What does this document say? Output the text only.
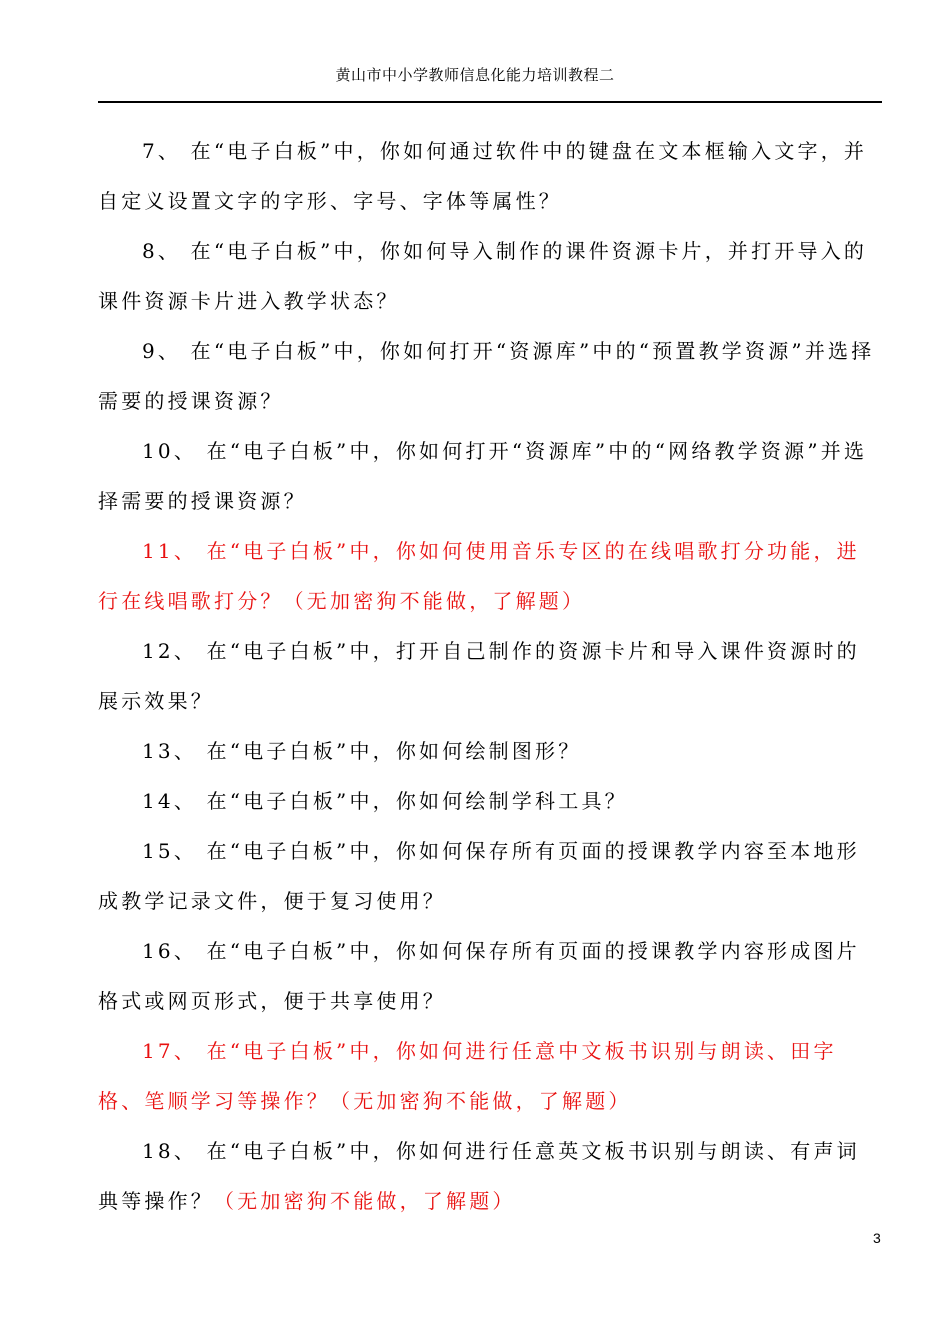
黄山市中小学教师信息化能力培训教程二

7、 在“电子白板”中，你如何通过软件中的键盘在文本框输入文字，并自定义设置文字的字形、字号、字体等属性？

8、 在“电子白板”中，你如何导入制作的课件资源卡片，并打开导入的课件资源卡片进入教学状态？

9、 在“电子白板”中，你如何打开“资源库”中的“预置教学资源”并选择需要的授课资源？

10、 在“电子白板”中，你如何打开“资源库”中的“网络教学资源”并选择需要的授课资源？

11、 在“电子白板”中，你如何使用音乐专区的在线唱歌打分功能，进行在线唱歌打分？（无加密狗不能做，了解题）

12、 在“电子白板”中，打开自己制作的资源卡片和导入课件资源时的展示效果？

13、 在“电子白板”中，你如何绘制图形？

14、 在“电子白板”中，你如何绘制学科工具？

15、 在“电子白板”中，你如何保存所有页面的授课教学内容至本地形成教学记录文件，便于复习使用？

16、 在“电子白板”中，你如何保存所有页面的授课教学内容形成图片格式或网页形式，便于共享使用？

17、 在“电子白板”中，你如何进行任意中文板书识别与朗读、田字格、笔顺学习等操作？（无加密狗不能做，了解题）

18、 在“电子白板”中，你如何进行任意英文板书识别与朗读、有声词典等操作？（无加密狗不能做，了解题）

3
